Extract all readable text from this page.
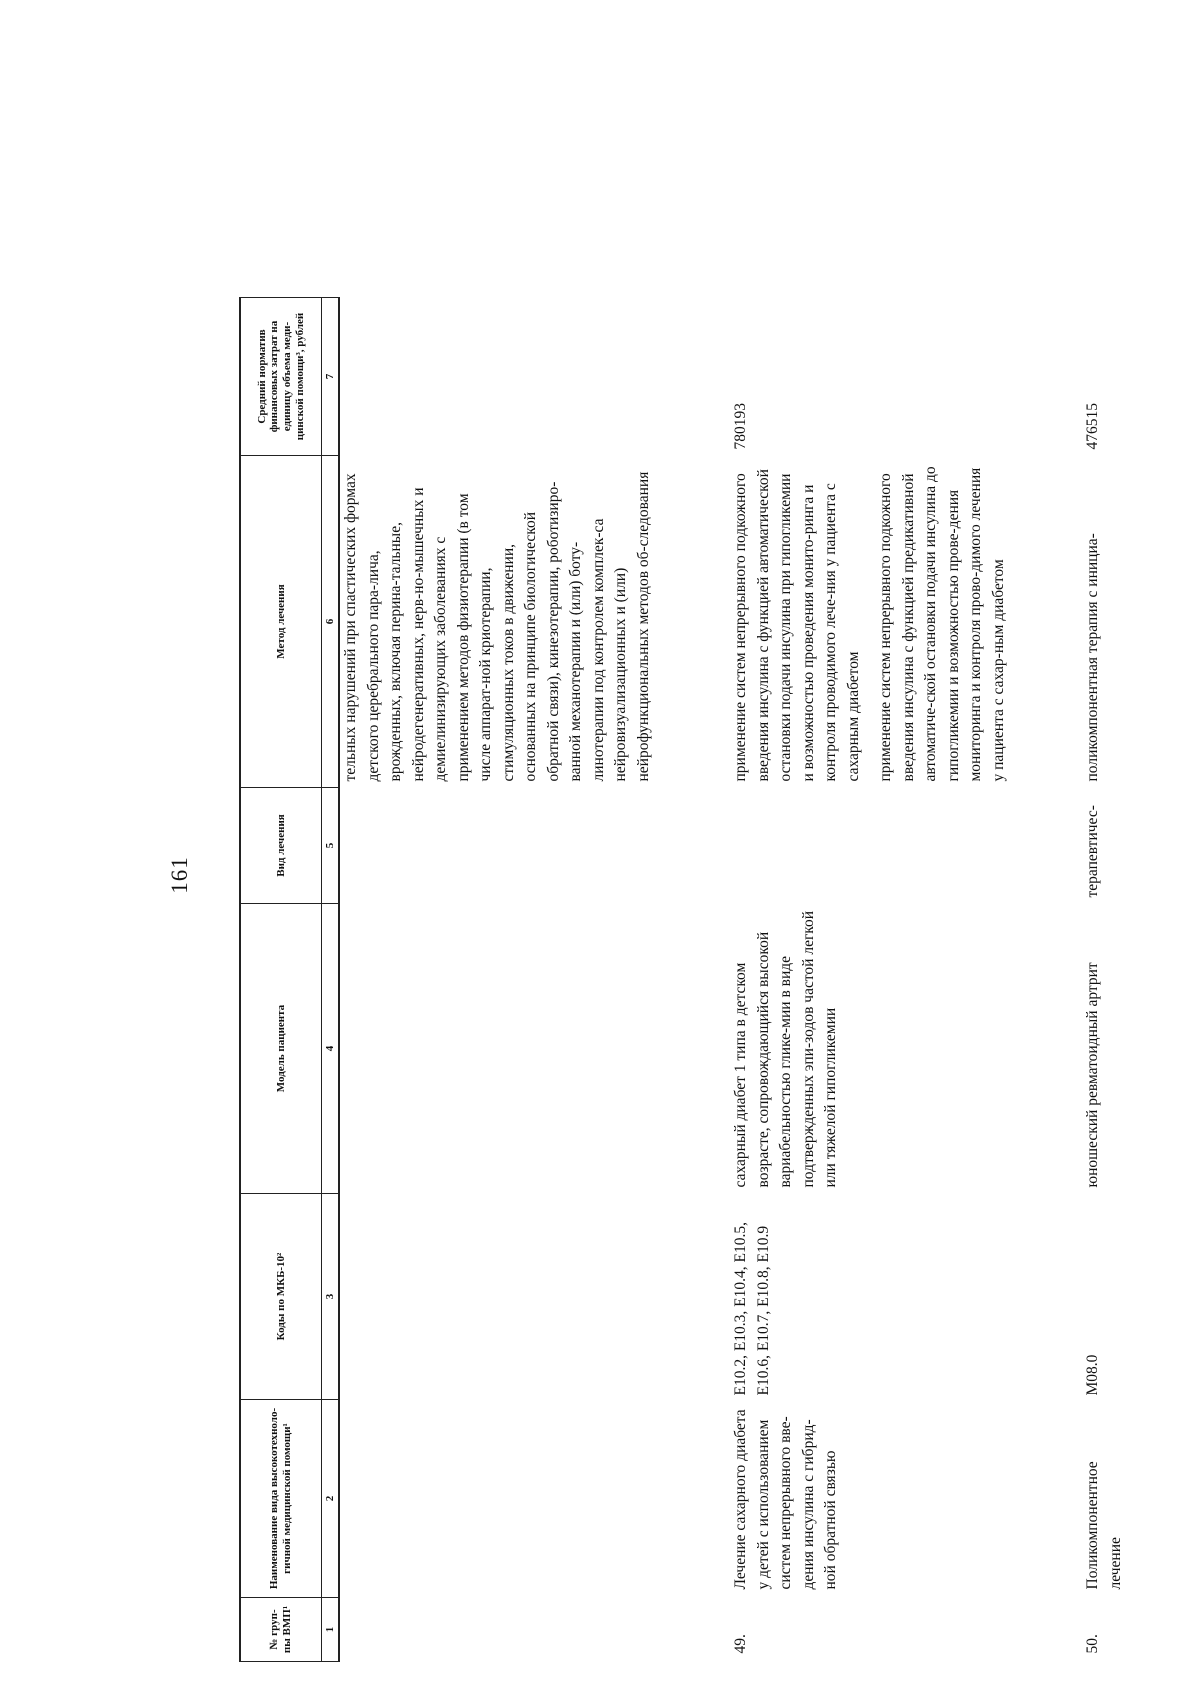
161
№ груп-пы ВМП¹	Наименование вида высокотехноло-гичной медицинской помощи¹	Коды по МКБ-10²	Модель пациента	Вид лечения	Метод лечения	Средний норматив финансовых затрат на единицу объема меди-цинской помощи³, рублей
1	2	3	4	5	6	7
					тельных нарушений при спастических формах детского церебрального пара-лича, врожденных, включая перина-тальные, нейродегенеративных, нерв-но-мышечных и демиелинизирующих заболеваниях с применением методов физиотерапии (в том числе аппарат-ной криотерапии, стимуляционных токов в движении, основанных на принципе биологической обратной связи), кинезотерапии, роботизиро-ванной механотерапии и (или) боту-линотерапии под контролем комплек-са нейровизуализационных и (или) нейрофункциональных методов об-следования	
49.	Лечение сахарного диабета у детей с использованием систем непрерывного вве-дения инсулина с гибрид-ной обратной связью	E10.2, E10.3, E10.4, E10.5, E10.6, E10.7, E10.8, E10.9	сахарный диабет 1 типа в детском возрасте, сопровождающийся высокой вариабельностью глике-мии в виде подтвержденных эпи-зодов частой легкой или тяжелой гипогликемии		применение систем непрерывного подкожного введения инсулина с функцией автоматической остановки подачи инсулина при гипогликемии и возможностью проведения монито-ринга и контроля проводимого лече-ния у пациента с сахарным диабетом применение систем непрерывного подкожного введения инсулина с функцией предикативной автоматиче-ской остановки подачи инсулина до гипогликемии и возможностью прове-дения мониторинга и контроля прово-димого лечения у пациента с сахар-ным диабетом	780193
50.	Поликомпонентное лечение	M08.0	юношеский ревматоидный артрит	терапевтичес-	поликомпонентная терапия с инициа-	476515
